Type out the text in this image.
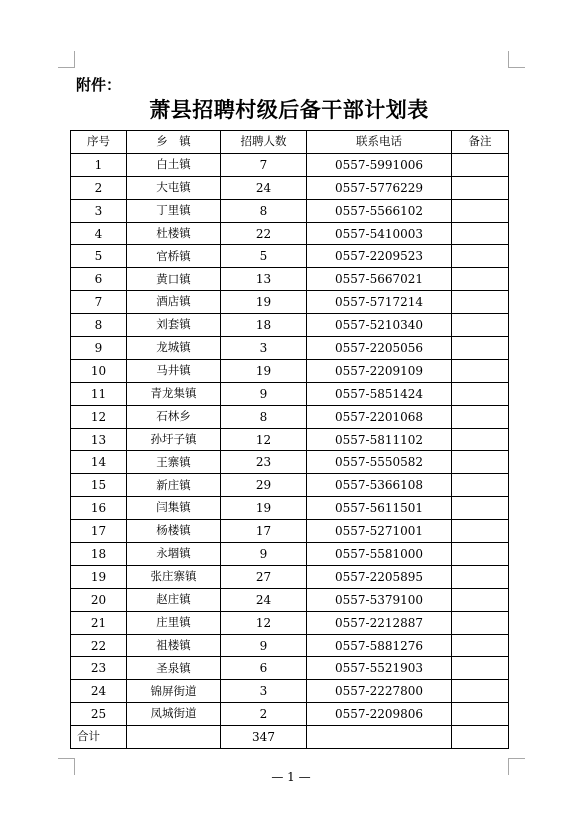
附件：
萧县招聘村级后备干部计划表
序号	乡　镇	招聘人数	联系电话	备注
1	白土镇	7	0557-5991006	
2	大屯镇	24	0557-5776229	
3	丁里镇	8	0557-5566102	
4	杜楼镇	22	0557-5410003	
5	官桥镇	5	0557-2209523	
6	黄口镇	13	0557-5667021	
7	酒店镇	19	0557-5717214	
8	刘套镇	18	0557-5210340	
9	龙城镇	3	0557-2205056	
10	马井镇	19	0557-2209109	
11	青龙集镇	9	0557-5851424	
12	石林乡	8	0557-2201068	
13	孙圩子镇	12	0557-5811102	
14	王寨镇	23	0557-5550582	
15	新庄镇	29	0557-5366108	
16	闫集镇	19	0557-5611501	
17	杨楼镇	17	0557-5271001	
18	永堌镇	9	0557-5581000	
19	张庄寨镇	27	0557-2205895	
20	赵庄镇	24	0557-5379100	
21	庄里镇	12	0557-2212887	
22	祖楼镇	9	0557-5881276	
23	圣泉镇	6	0557-5521903	
24	锦屏街道	3	0557-2227800	
25	凤城街道	2	0557-2209806	
合计		347		
— 1 —
